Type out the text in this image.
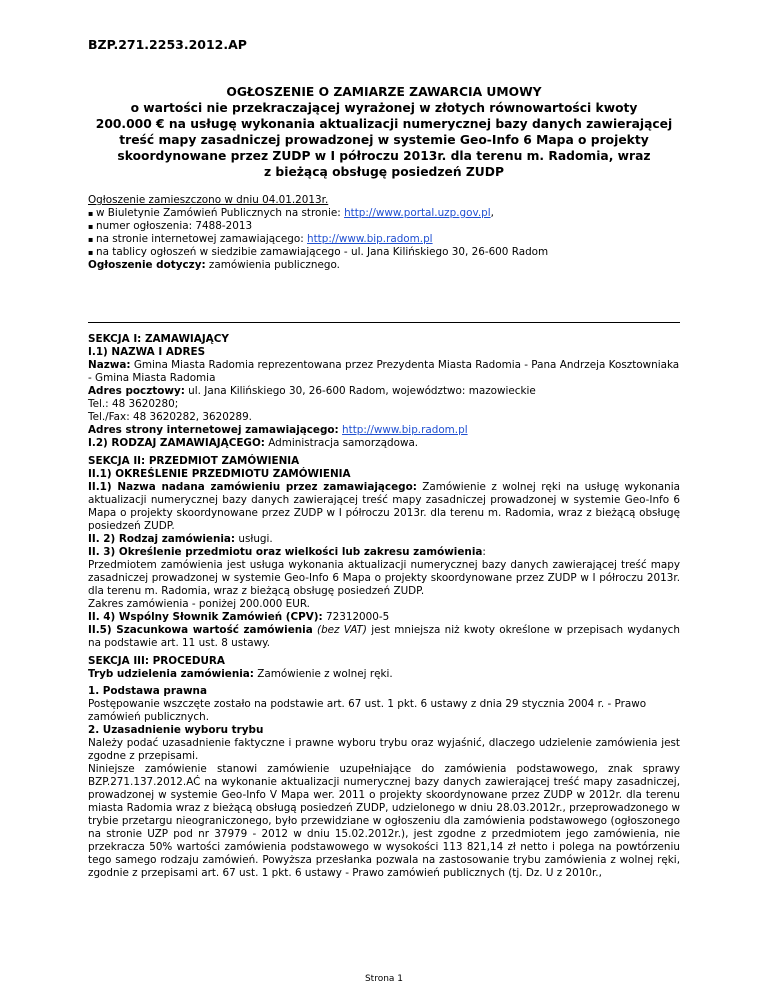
BZP.271.2253.2012.AP
OGŁOSZENIE O ZAMIARZE ZAWARCIA UMOWY
o wartości nie przekraczającej wyrażonej w złotych równowartości kwoty
200.000 € na usługę wykonania aktualizacji numerycznej bazy danych zawierającej
treść mapy zasadniczej prowadzonej w systemie Geo-Info 6 Mapa o projekty
skoordynowane przez ZUDP w I półroczu 2013r. dla terenu m. Radomia, wraz
z bieżącą obsługę posiedzeń ZUDP
Ogłoszenie zamieszczono w dniu 04.01.2013r.
▪ w Biuletynie Zamówień Publicznych na stronie: http://www.portal.uzp.gov.pl,
▪ numer ogłoszenia: 7488-2013
▪ na stronie internetowej zamawiającego: http://www.bip.radom.pl
▪ na tablicy ogłoszeń w siedzibie zamawiającego - ul. Jana Kilińskiego 30, 26-600 Radom
Ogłoszenie dotyczy: zamówienia publicznego.
SEKCJA I: ZAMAWIAJĄCY
I.1) NAZWA I ADRES
Nazwa: Gmina Miasta Radomia reprezentowana przez Prezydenta Miasta Radomia - Pana Andrzeja Kosztowniaka - Gmina Miasta Radomia
Adres pocztowy: ul. Jana Kilińskiego 30, 26-600 Radom, województwo: mazowieckie
Tel.: 48 3620280;
Tel./Fax: 48 3620282, 3620289.
Adres strony internetowej zamawiającego: http://www.bip.radom.pl
I.2) RODZAJ ZAMAWIAJĄCEGO: Administracja samorządowa.
SEKCJA II: PRZEDMIOT ZAMÓWIENIA
II.1) OKREŚLENIE PRZEDMIOTU ZAMÓWIENIA
II.1) Nazwa nadana zamówieniu przez zamawiającego: Zamówienie z wolnej ręki na usługę wykonania aktualizacji numerycznej bazy danych zawierającej treść mapy zasadniczej prowadzonej w systemie Geo-Info 6 Mapa o projekty skoordynowane przez ZUDP w I półroczu 2013r. dla terenu m. Radomia, wraz z bieżącą obsługę posiedzeń ZUDP.
II. 2) Rodzaj zamówienia: usługi.
II. 3) Określenie przedmiotu oraz wielkości lub zakresu zamówienia:
Przedmiotem zamówienia jest usługa wykonania aktualizacji numerycznej bazy danych zawierającej treść mapy zasadniczej prowadzonej w systemie Geo-Info 6 Mapa o projekty skoordynowane przez ZUDP w I półroczu 2013r. dla terenu m. Radomia, wraz z bieżącą obsługę posiedzeń ZUDP.
Zakres zamówienia - poniżej 200.000 EUR.
II. 4) Wspólny Słownik Zamówień (CPV): 72312000-5
II.5) Szacunkowa wartość zamówienia (bez VAT) jest mniejsza niż kwoty określone w przepisach wydanych na podstawie art. 11 ust. 8 ustawy.
SEKCJA III: PROCEDURA
Tryb udzielenia zamówienia: Zamówienie z wolnej ręki.
1. Podstawa prawna
Postępowanie wszczęte zostało na podstawie art. 67 ust. 1 pkt. 6 ustawy z dnia 29 stycznia 2004 r. - Prawo zamówień publicznych.
2. Uzasadnienie wyboru trybu
Należy podać uzasadnienie faktyczne i prawne wyboru trybu oraz wyjaśnić, dlaczego udzielenie zamówienia jest zgodne z przepisami.
Niniejsze zamówienie stanowi zamówienie uzupełniające do zamówienia podstawowego, znak sprawy BZP.271.137.2012.AĆ na wykonanie aktualizacji numerycznej bazy danych zawierającej treść mapy zasadniczej, prowadzonej w systemie Geo-Info V Mapa wer. 2011 o projekty skoordynowane przez ZUDP w 2012r. dla terenu miasta Radomia wraz z bieżącą obsługą posiedzeń ZUDP, udzielonego w dniu 28.03.2012r., przeprowadzonego w trybie przetargu nieograniczonego, było przewidziane w ogłoszeniu dla zamówienia podstawowego (ogłoszonego na stronie UZP pod nr 37979 - 2012 w dniu 15.02.2012r.), jest zgodne z przedmiotem jego zamówienia, nie przekracza 50% wartości zamówienia podstawowego w wysokości 113 821,14 zł netto i polega na powtórzeniu tego samego rodzaju zamówień. Powyższa przesłanka pozwala na zastosowanie trybu zamówienia z wolnej ręki, zgodnie z przepisami art. 67 ust. 1 pkt. 6 ustawy - Prawo zamówień publicznych (tj. Dz. U z 2010r.,
Strona 1
